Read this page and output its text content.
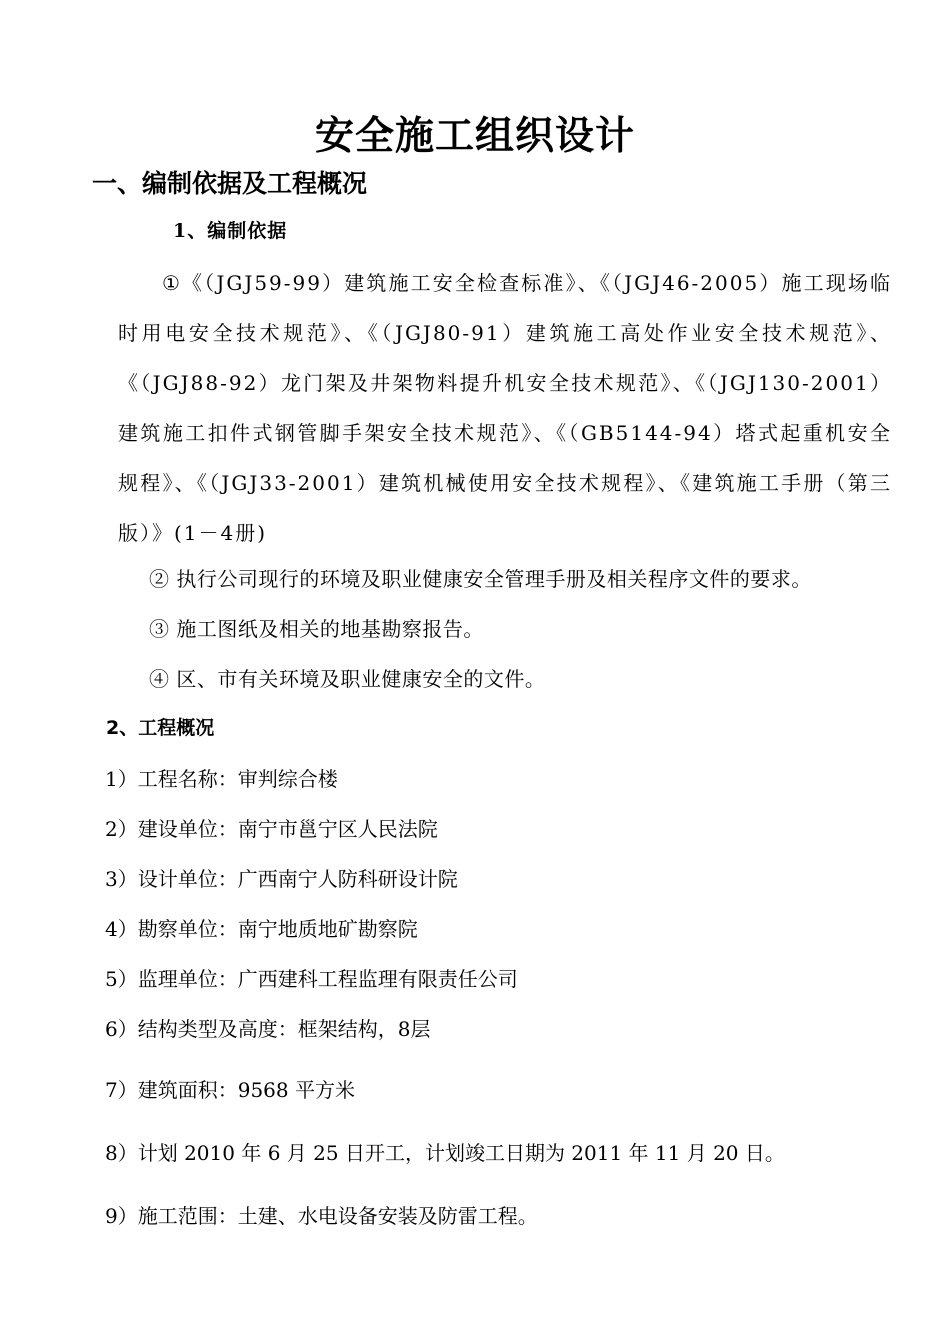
安全施工组织设计
一、编制依据及工程概况
1、编制依据
①《（JGJ59-99）建筑施工安全检查标准》、《（JGJ46-2005）施工现场临时用电安全技术规范》、《（JGJ80-91）建筑施工高处作业安全技术规范》、《（JGJ88-92）龙门架及井架物料提升机安全技术规范》、《（JGJ130-2001）建筑施工扣件式钢管脚手架安全技术规范》、《（GB5144-94）塔式起重机安全规程》、《（JGJ33-2001）建筑机械使用安全技术规程》、《建筑施工手册（第三版）》(1－4册)
② 执行公司现行的环境及职业健康安全管理手册及相关程序文件的要求。
③ 施工图纸及相关的地基勘察报告。
④ 区、市有关环境及职业健康安全的文件。
2、工程概况
1）工程名称：审判综合楼
2）建设单位：南宁市邕宁区人民法院
3）设计单位：广西南宁人防科研设计院
4）勘察单位：南宁地质地矿勘察院
5）监理单位：广西建科工程监理有限责任公司
6）结构类型及高度：框架结构，8层
7）建筑面积：9568 平方米
8）计划 2010 年 6 月 25 日开工，计划竣工日期为 2011 年 11 月 20 日。
9）施工范围：土建、水电设备安装及防雷工程。
